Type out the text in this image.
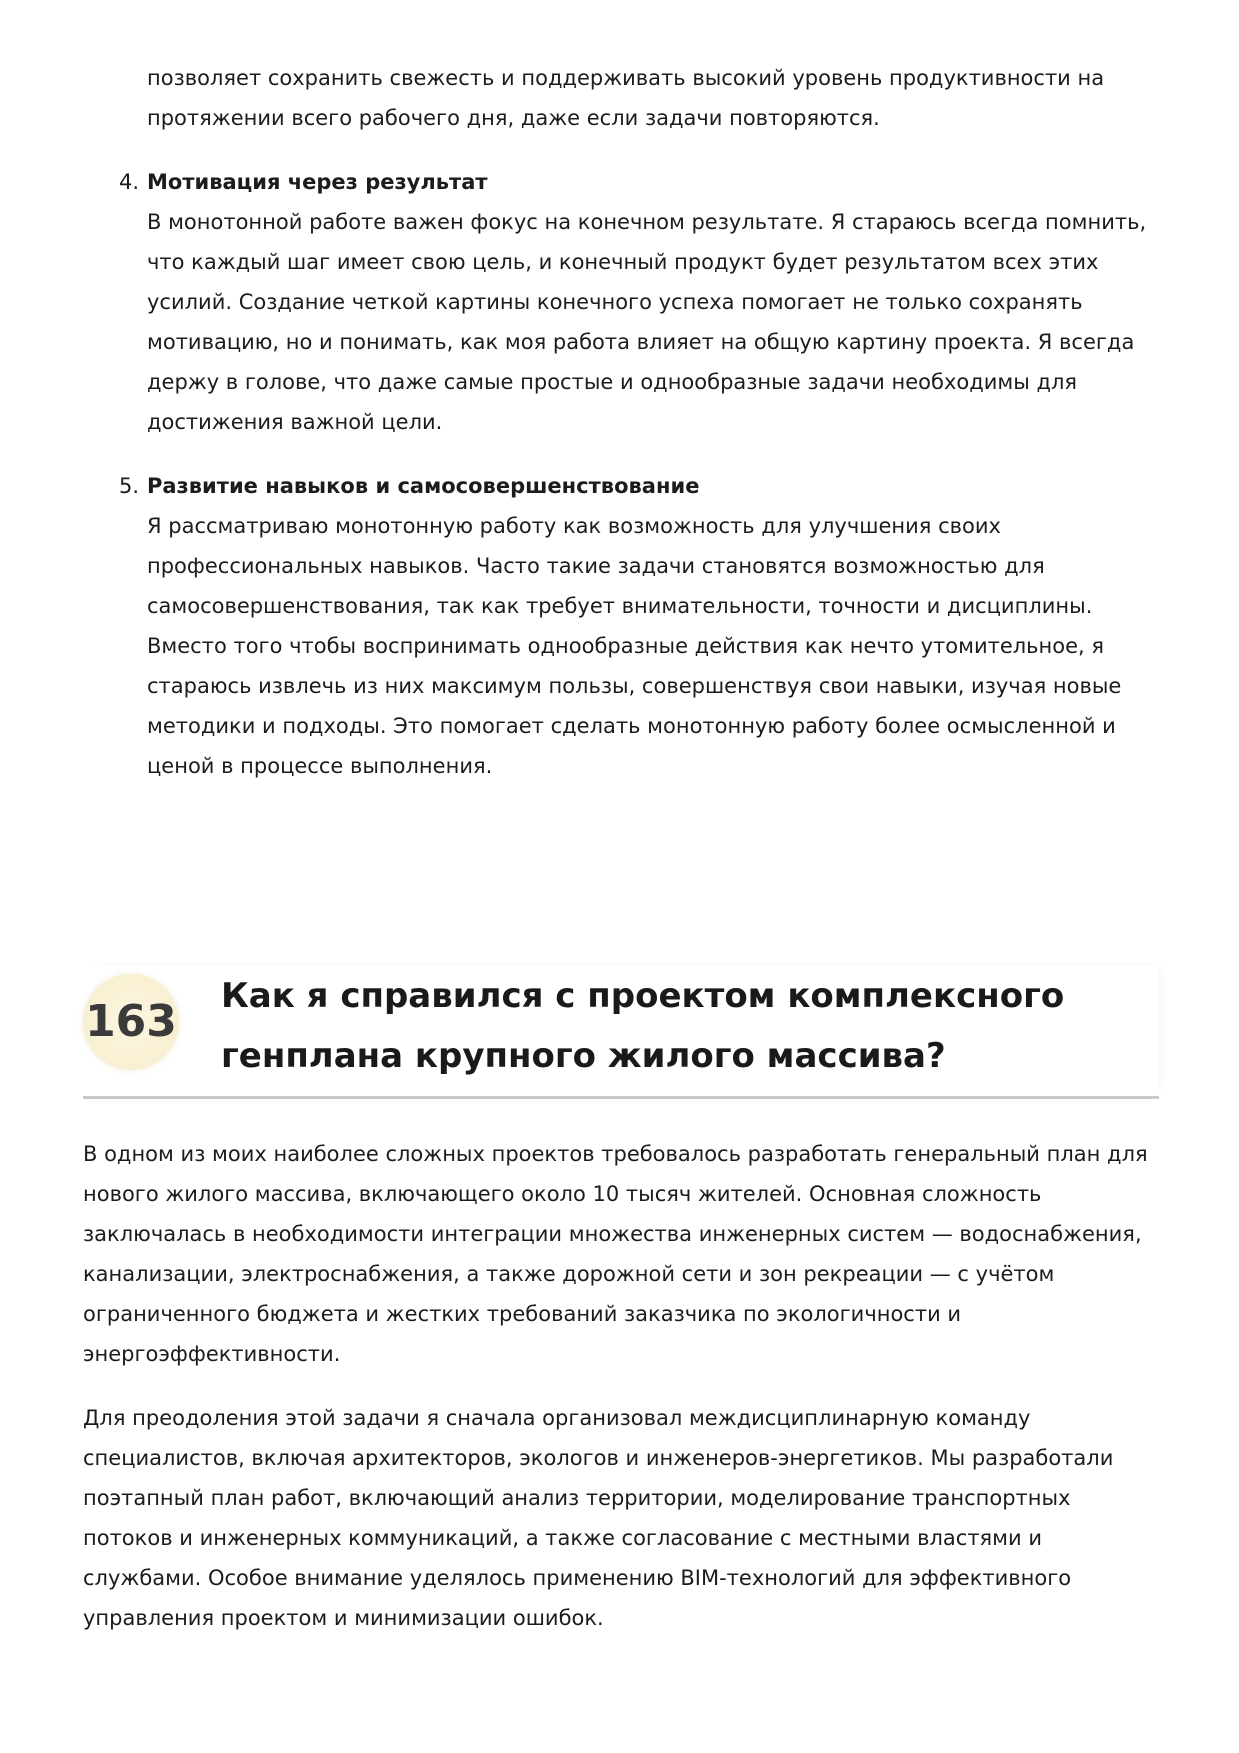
позволяет сохранить свежесть и поддерживать высокий уровень продуктивности на протяжении всего рабочего дня, даже если задачи повторяются.

4. Мотивация через результат

В монотонной работе важен фокус на конечном результате. Я стараюсь всегда помнить, что каждый шаг имеет свою цель, и конечный продукт будет результатом всех этих усилий. Создание четкой картины конечного успеха помогает не только сохранять мотивацию, но и понимать, как моя работа влияет на общую картину проекта. Я всегда держу в голове, что даже самые простые и однообразные задачи необходимы для достижения важной цели.

5. Развитие навыков и самосовершенствование

Я рассматриваю монотонную работу как возможность для улучшения своих профессиональных навыков. Часто такие задачи становятся возможностью для самосовершенствования, так как требует внимательности, точности и дисциплины. Вместо того чтобы воспринимать однообразные действия как нечто утомительное, я стараюсь извлечь из них максимум пользы, совершенствуя свои навыки, изучая новые методики и подходы. Это помогает сделать монотонную работу более осмысленной и ценой в процессе выполнения.

163 Как я справился с проектом комплексного генплана крупного жилого массива?

В одном из моих наиболее сложных проектов требовалось разработать генеральный план для нового жилого массива, включающего около 10 тысяч жителей. Основная сложность заключалась в необходимости интеграции множества инженерных систем — водоснабжения, канализации, электроснабжения, а также дорожной сети и зон рекреации — с учётом ограниченного бюджета и жестких требований заказчика по экологичности и энергоэффективности.

Для преодоления этой задачи я сначала организовал междисциплинарную команду специалистов, включая архитекторов, экологов и инженеров-энергетиков. Мы разработали поэтапный план работ, включающий анализ территории, моделирование транспортных потоков и инженерных коммуникаций, а также согласование с местными властями и службами. Особое внимание уделялось применению BIM-технологий для эффективного управления проектом и минимизации ошибок.
